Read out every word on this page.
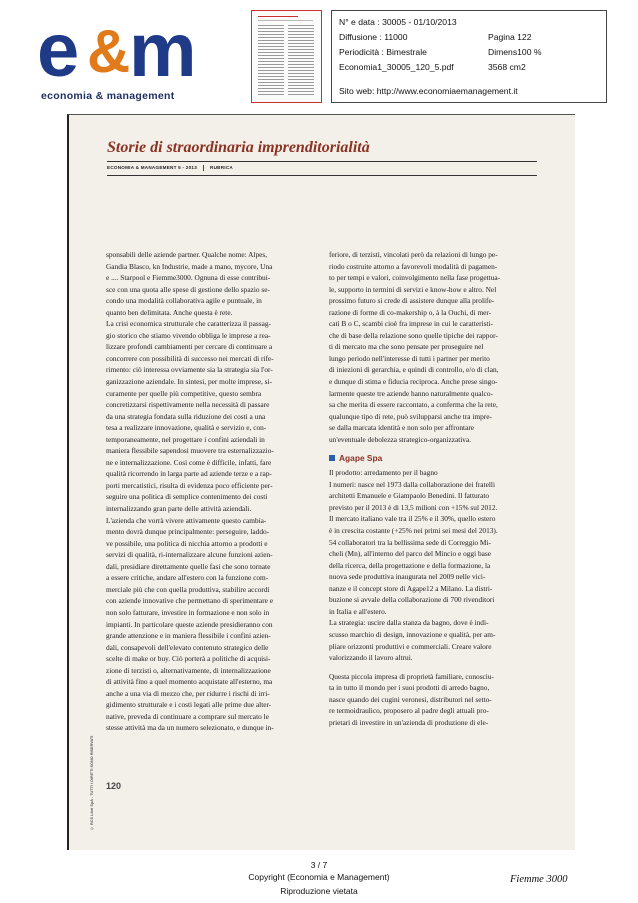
e &
m
economia & management
N° e data : 30005 - 01/10/2013
Diffusione : 11000	Pagina 122
Periodicità : Bimestrale	Dimens100 %
Economia1_30005_120_5.pdf	3568 cm2
Sito web: http://www.economiaemanagement.it
Storie di straordinaria imprenditorialità
ECONOMIA & MANAGEMENT 5 - 2013	RUBRICA
sponsabili delle aziende partner. Qualche nome: Alpes,
Gandia Blasco, kn Industrie, made a mano, mycore, Una
e .... Starpool e Fiemme3000. Ognuna di esse contribui-
sce con una quota alle spese di gestione dello spazio se-
condo una modalità collaborativa agile e puntuale, in
quanto ben delimitata. Anche questa è rete.
La crisi economica strutturale che caratterizza il passag-
gio storico che stiamo vivendo obbliga le imprese a rea-
lizzare profondi cambiamenti per cercare di continuare a
concorrere con possibilità di successo nei mercati di rife-
rimento: ciò interessa ovviamente sia la strategia sia l'or-
ganizzazione aziendale. In sintesi, per molte imprese, si-
curamente per quelle più competitive, questo sembra
concretizzarsi rispettivamente nella necessità di passare
da una strategia fondata sulla riduzione dei costi a una
tesa a realizzare innovazione, qualità e servizio e, con-
temporaneamente, nel progettare i confini aziendali in
maniera flessibile sapendosi muovere tra esternalizzazio-
ne e internalizzazione. Così come è difficile, infatti, fare
qualità ricorrendo in larga parte ad aziende terze e a rap-
porti mercatistici, risulta di evidenza poco efficiente per-
seguire una politica di semplice contenimento dei costi
internalizzando gran parte delle attività aziendali.
L'azienda che vorrà vivere attivamente questo cambia-
mento dovrà dunque principalmente: perseguire, laddo-
ve possibile, una politica di nicchia attorno a prodotti e
servizi di qualità, ri-internalizzare alcune funzioni azien-
dali, presidiare direttamente quelle fasi che sono tornate
a essere critiche, andare all'estero con la funzione com-
merciale più che con quella produttiva, stabilire accordi
con aziende innovative che permettano di sperimentare e
non solo fatturare, investire in formazione e non solo in
impianti. In particolare queste aziende presidieranno con
grande attenzione e in maniera flessibile i confini azien-
dali, consapevoli dell'elevato contenuto strategico delle
scelte di make or buy. Ciò porterà a politiche di acquisi-
zione di terzisti o, alternativamente, di internalizzazione
di attività fino a quel momento acquistate all'esterno, ma
anche a una via di mezzo che, per ridurre i rischi di irri-
gidimento strutturale e i costi legati alle prime due alter-
native, preveda di continuare a comprare sul mercato le
stesse attività ma da un numero selezionato, e dunque in-
feriore, di terzisti, vincolati però da relazioni di lungo pe-
riodo costruite attorno a favorevoli modalità di pagamen-
to per tempi e valori, coinvolgimento nella fase progettua-
le, supporto in termini di servizi e know-how e altro. Nel
prossimo futuro si crede di assistere dunque alla prolife-
razione di forme di co-makership o, à la Ouchi, di mer-
cati B o C, scambi cioè fra imprese in cui le caratteristi-
che di base della relazione sono quelle tipiche dei rappor-
ti di mercato ma che sono pensate per proseguire nel
lungo periodo nell'interesse di tutti i partner per merito
di iniezioni di gerarchia, e quindi di controllo, e/o di clan,
e dunque di stima e fiducia reciproca. Anche prese singo-
larmente queste tre aziende hanno naturalmente qualco-
sa che merita di essere raccontato, a conferma che la rete,
qualunque tipo di rete, può svilupparsi anche tra impre-
se dalla marcata identità e non solo per affrontare
un'eventuale debolezza strategico-organizzativa.
Agape Spa
Il prodotto: arredamento per il bagno
I numeri: nasce nel 1973 dalla collaborazione dei fratelli
architetti Emanuele e Giampaolo Benedini. Il fatturato
previsto per il 2013 è di 13,5 milioni con +15% sul 2012.
Il mercato italiano vale tra il 25% e il 30%, quello estero
è in crescita costante (+25% nei primi sei mesi del 2013).
54 collaboratori tra la bellissima sede di Correggio Mi-
cheli (Mn), all'interno del parco del Mincio e oggi base
della ricerca, della progettazione e della formazione, la
nuova sede produttiva inaugurata nel 2009 nelle vici-
nanze e il concept store di Agape12 a Milano. La distri-
buzione si avvale della collaborazione di 700 rivenditori
in Italia e all'estero.
La strategia: uscire dalla stanza da bagno, dove è indi-
scusso marchio di design, innovazione e qualità, per am-
pliare orizzonti produttivi e commerciali. Creare valore
valorizzando il lavoro altrui.
Questa piccola impresa di proprietà familiare, conosciu-
ta in tutto il mondo per i suoi prodotti di arredo bagno,
nasce quando dei cugini veronesi, distributori nel setto-
re termoidraulico, proposero al padre degli attuali pro-
prietari di investire in un'azienda di produzione di ele-
© RCS Libri SpA - TUTTI I DIRITTI SONO RISERVATI	120
3 / 7
Copyright (Economia e Management)
Riproduzione vietata
Fiemme 3000
